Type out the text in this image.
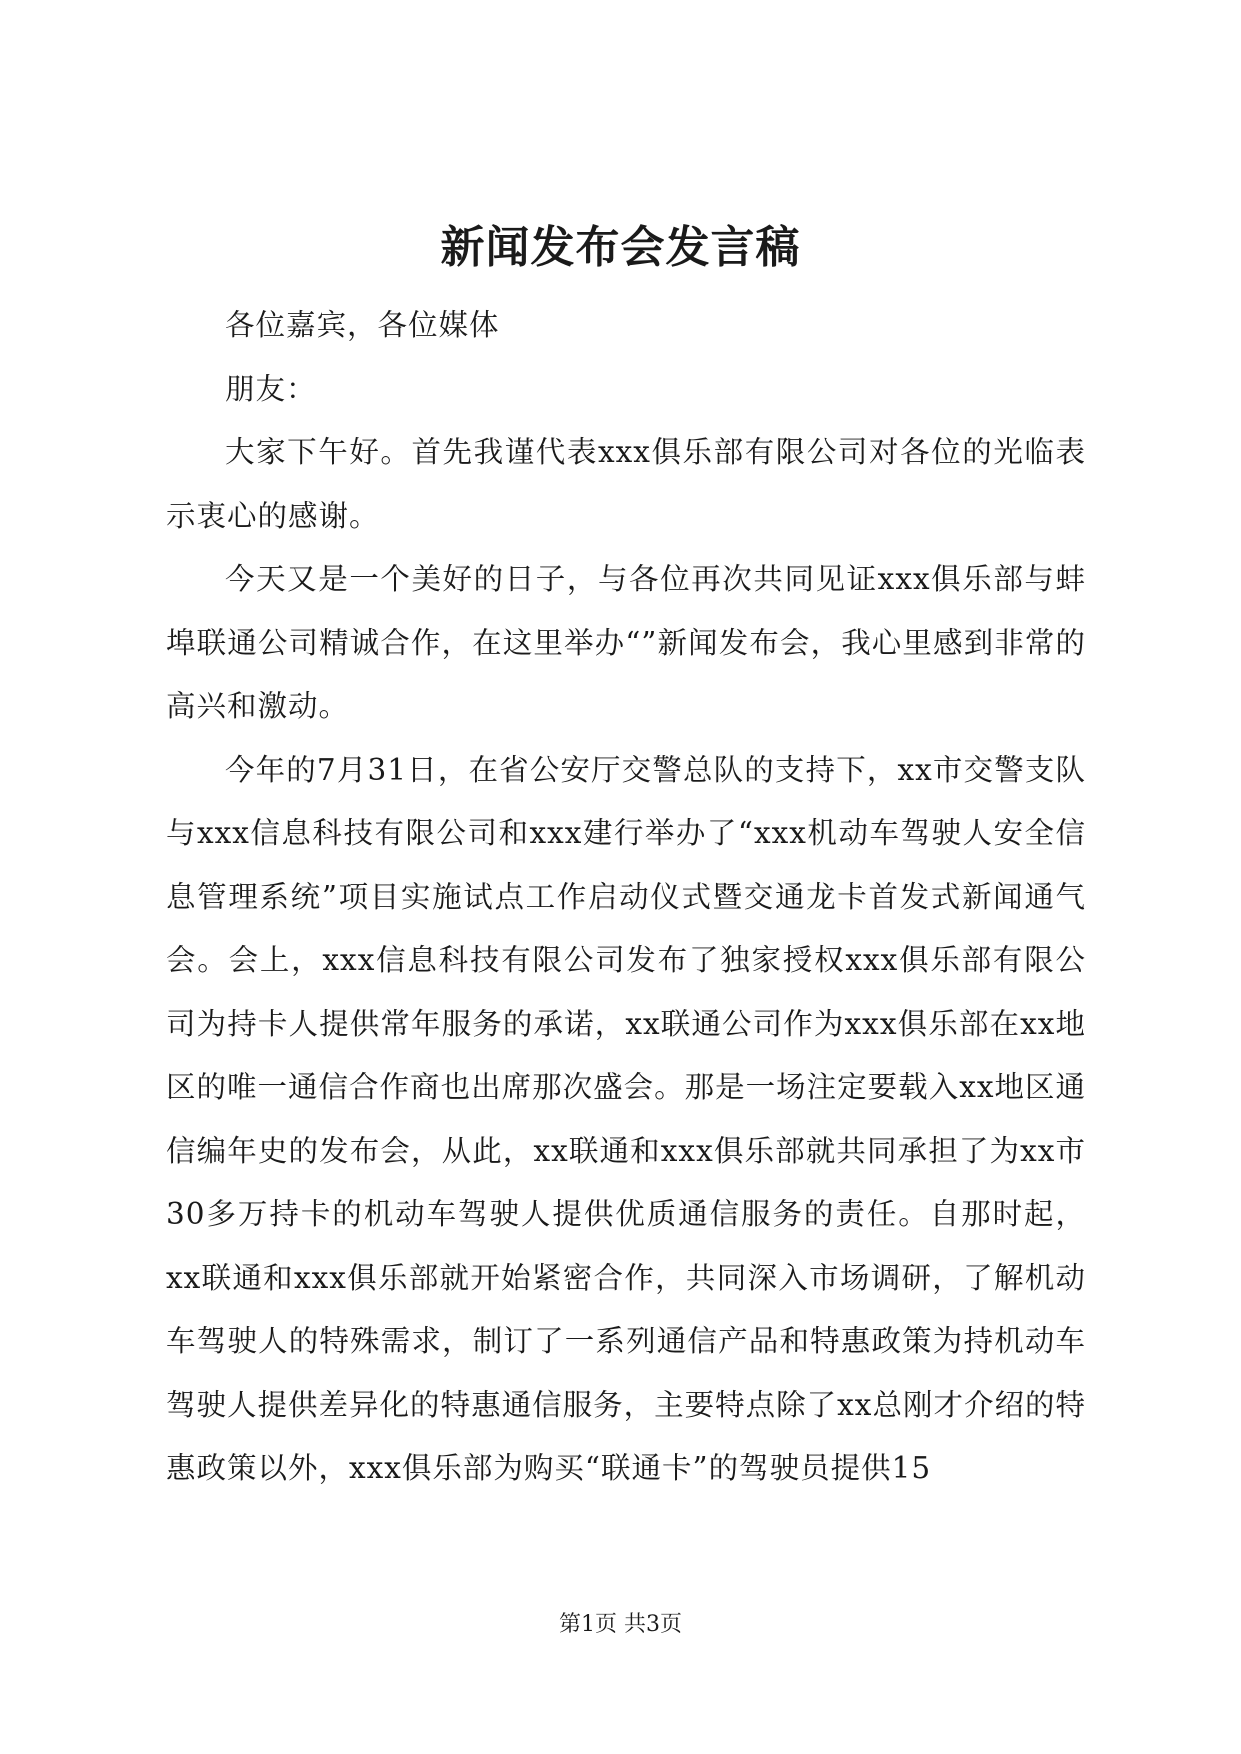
新闻发布会发言稿

各位嘉宾，各位媒体

朋友：

大家下午好。首先我谨代表xxx俱乐部有限公司对各位的光临表示衷心的感谢。

今天又是一个美好的日子，与各位再次共同见证xxx俱乐部与蚌埠联通公司精诚合作，在这里举办“”新闻发布会，我心里感到非常的高兴和激动。

今年的7月31日，在省公安厅交警总队的支持下，xx市交警支队与xxx信息科技有限公司和xxx建行举办了“xxx机动车驾驶人安全信息管理系统”项目实施试点工作启动仪式暨交通龙卡首发式新闻通气会。会上，xxx信息科技有限公司发布了独家授权xxx俱乐部有限公司为持卡人提供常年服务的承诺，xx联通公司作为xxx俱乐部在xx地区的唯一通信合作商也出席那次盛会。那是一场注定要载入xx地区通信编年史的发布会，从此，xx联通和xxx俱乐部就共同承担了为xx市30多万持卡的机动车驾驶人提供优质通信服务的责任。自那时起，xx联通和xxx俱乐部就开始紧密合作，共同深入市场调研，了解机动车驾驶人的特殊需求，制订了一系列通信产品和特惠政策为持机动车驾驶人提供差异化的特惠通信服务，主要特点除了xx总刚才介绍的特惠政策以外，xxx俱乐部为购买“联通卡”的驾驶员提供15

第1页 共3页
